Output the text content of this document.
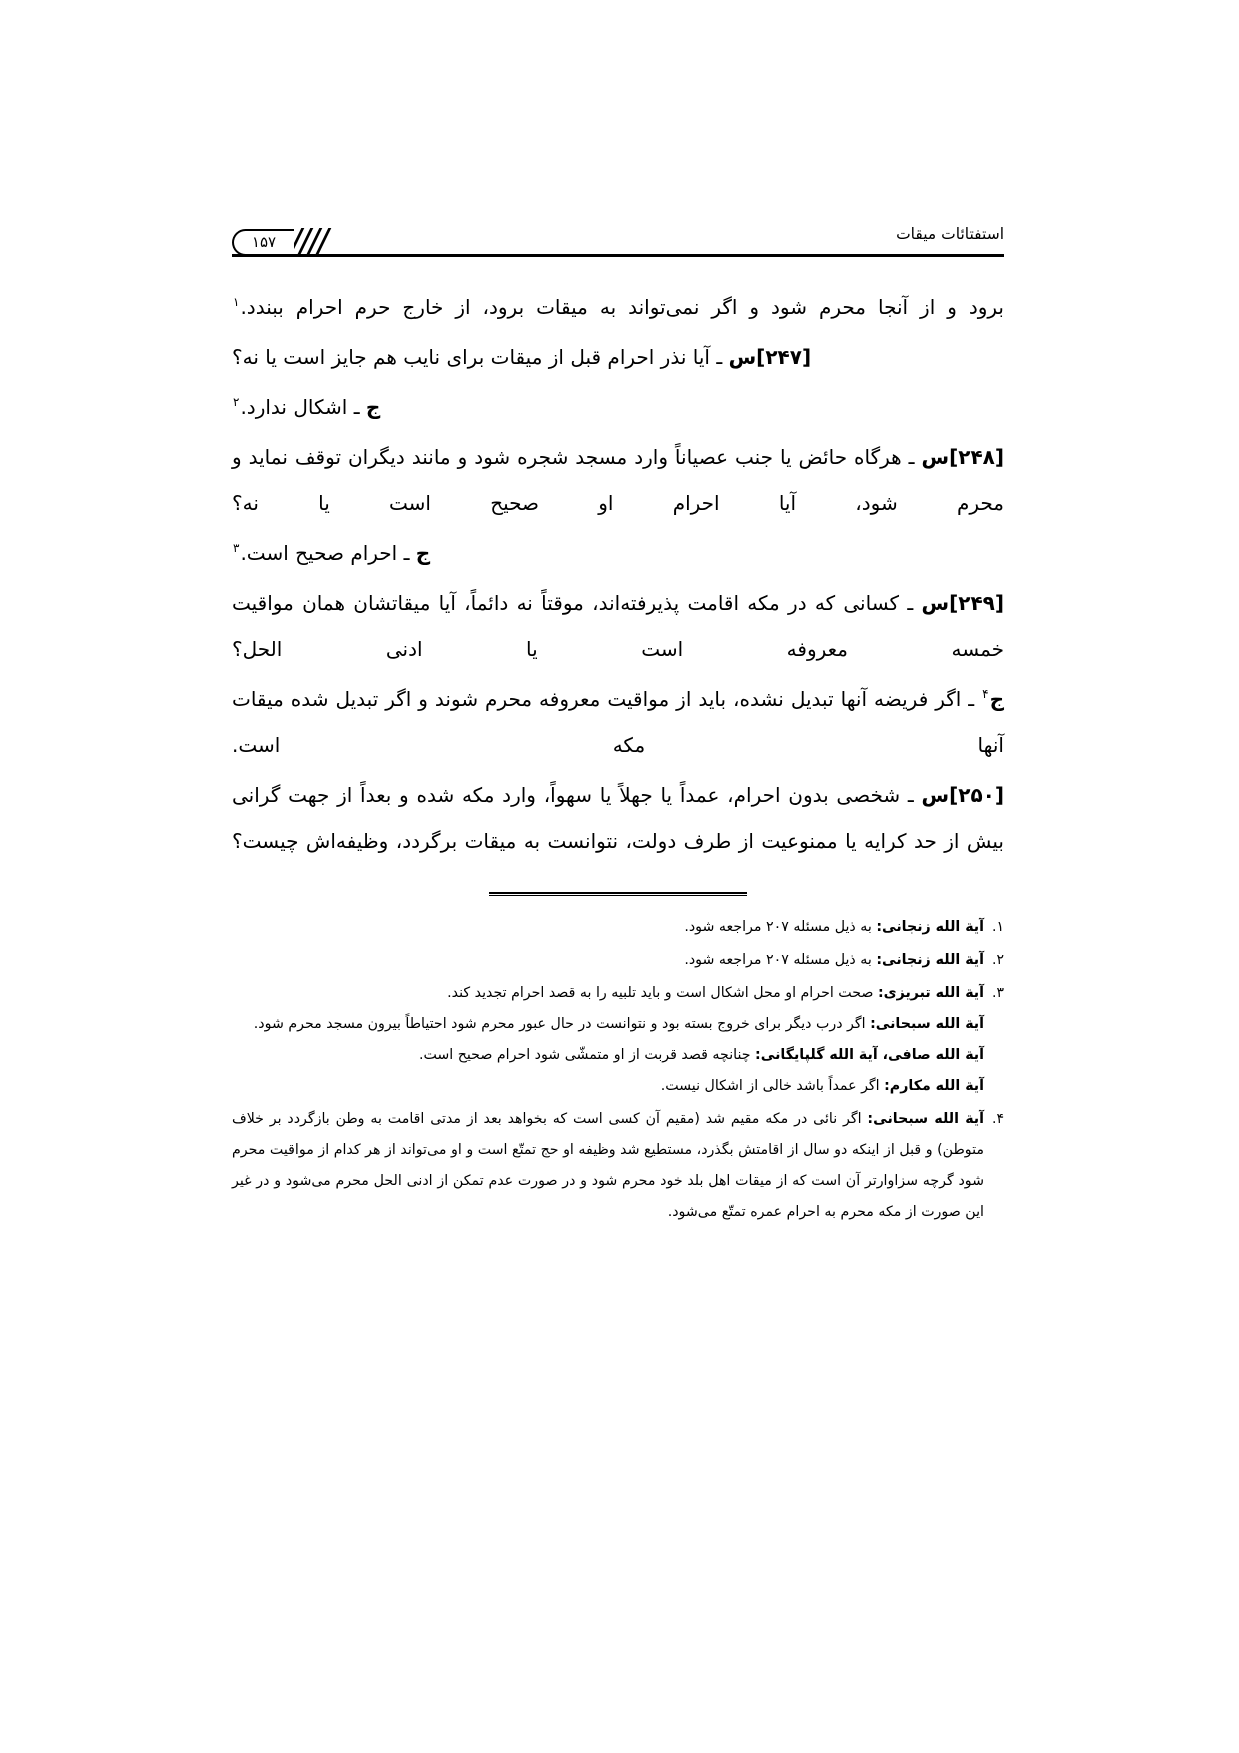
استفتائات میقات
۱۵۷

برود و از آنجا محرم شود و اگر نمی‌تواند به میقات برود، از خارج حرم احرام ببندد.$^۱$

[۲۴۷]س ـ آیا نذر احرام قبل از میقات برای نایب هم جایز است یا نه؟

ج ـ اشکال ندارد.$^۲$

[۲۴۸]س ـ هرگاه حائض یا جنب عصیاناً وارد مسجد شجره شود و مانند دیگران توقف نماید و محرم شود، آیا احرام او صحیح است یا نه؟

ج ـ احرام صحیح است.$^۳$

[۲۴۹]س ـ کسانی که در مکه اقامت پذیرفته‌اند، موقتاً نه دائماً، آیا میقاتشان همان مواقیت خمسه معروفه است یا ادنی الحل؟

ج$^۴$ ـ اگر فریضه آنها تبدیل نشده، باید از مواقیت معروفه محرم شوند و اگر تبدیل شده میقات آنها مکه است.

[۲۵۰]س ـ شخصی بدون احرام، عمداً یا جهلاً یا سهواً، وارد مکه شده و بعداً از جهت گرانی بیش از حد کرایه یا ممنوعیت از طرف دولت، نتوانست به میقات برگردد، وظیفه‌اش چیست؟

۱.

آیة الله زنجانی: به ذیل مسئله ۲۰۷ مراجعه شود.

۲.

آیة الله زنجانی: به ذیل مسئله ۲۰۷ مراجعه شود.

۳.

آیة الله تبریزی: صحت احرام او محل اشکال است و باید تلبیه را به قصد احرام تجدید کند.

آیة الله سبحانی: اگر درب دیگر برای خروج بسته بود و نتوانست در حال عبور محرم شود احتیاطاً بیرون مسجد محرم شود.

آیة الله صافی، آیة الله گلپایگانی: چنانچه قصد قربت از او متمشّی شود احرام صحیح است.

آیة الله مکارم: اگر عمداً باشد خالی از اشکال نیست.

۴.

آیة الله سبحانی: اگر نائی در مکه مقیم شد (مقیم آن کسی است که بخواهد بعد از مدتی اقامت به وطن بازگردد بر خلاف متوطن) و قبل از اینکه دو سال از اقامتش بگذرد، مستطیع شد وظیفه او حج تمتّع است و او می‌تواند از هر کدام از مواقیت محرم شود گرچه سزاوارتر آن است که از میقات اهل بلد خود محرم شود و در صورت عدم تمکن از ادنی الحل محرم می‌شود و در غیر این صورت از مکه محرم به احرام عمره تمتّع می‌شود.
